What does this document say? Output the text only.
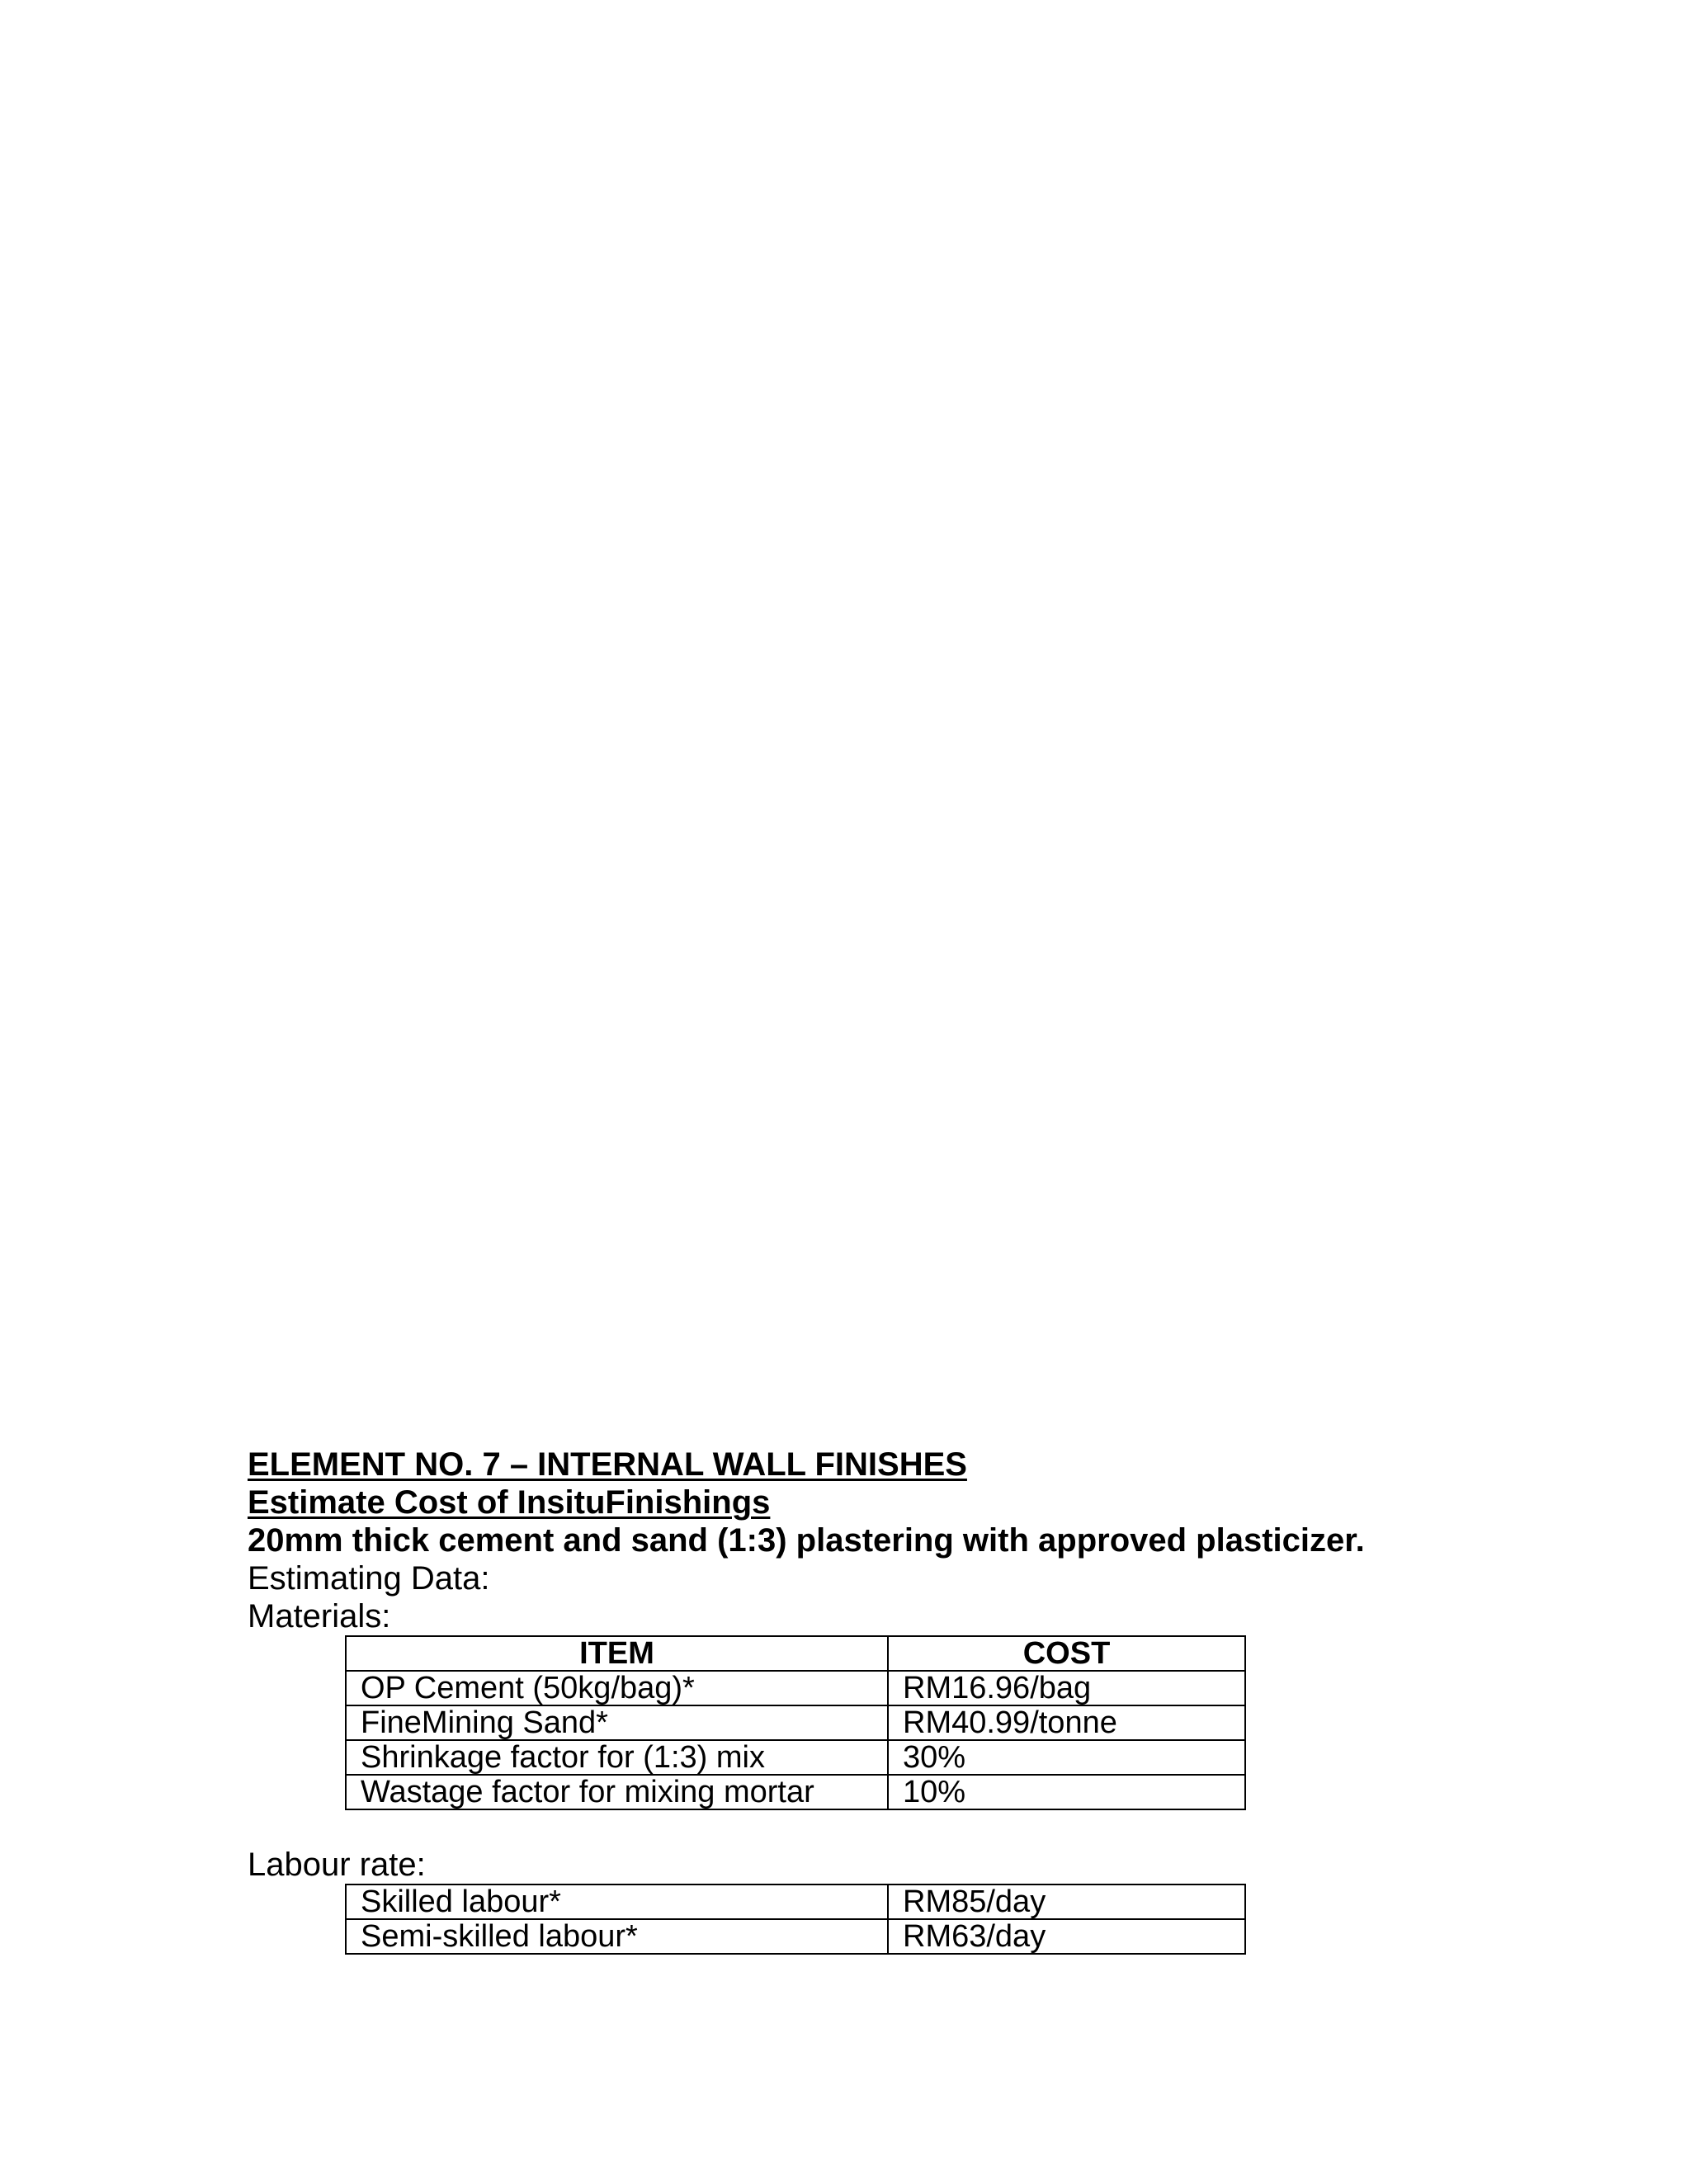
ELEMENT NO. 7 – INTERNAL WALL FINISHES
Estimate Cost of InsituFinishings
20mm thick cement and sand (1:3) plastering with approved plasticizer.
Estimating Data:
Materials:
ITEM	COST
OP Cement (50kg/bag)*	RM16.96/bag
FineMining Sand*	RM40.99/tonne
Shrinkage factor for (1:3) mix	30%
Wastage factor for mixing mortar	10%
Labour rate:
Skilled labour*	RM85/day
Semi-skilled labour*	RM63/day
